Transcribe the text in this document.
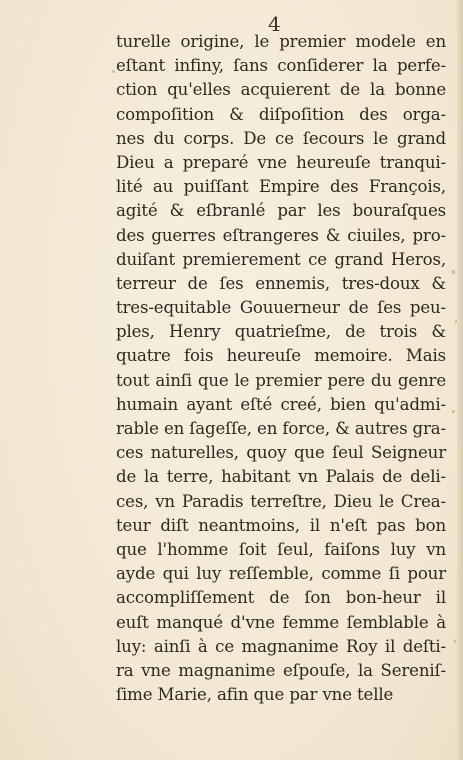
4
turelle origine, le premier modele en
eſtant infiny, ſans conſiderer la perfe-
ction qu'elles acquierent de la bonne
compoſition & diſpoſition des orga-
nes du corps. De ce ſecours le grand
Dieu a preparé vne heureuſe tranqui-
lité au puiſſant Empire des François,
agité & eſbranlé par les bouraſques
des guerres eſtrangeres & ciuiles, pro-
duiſant premierement ce grand Heros,
terreur de ſes ennemis, tres-doux &
tres-equitable Gouuerneur de ſes peu-
ples, Henry quatrieſme, de trois &
quatre fois heureuſe memoire. Mais
tout ainſi que le premier pere du genre
humain ayant eſté creé, bien qu'admi-
rable en ſageſſe, en force, & autres gra-
ces naturelles, quoy que ſeul Seigneur
de la terre, habitant vn Palais de deli-
ces, vn Paradis terreſtre, Dieu le Crea-
teur diſt neantmoins, il n'eſt pas bon
que l'homme ſoit ſeul, faiſons luy vn
ayde qui luy reſſemble, comme ſi pour
accompliſſement de ſon bon-heur il
euſt manqué d'vne femme ſemblable à
luy: ainſi à ce magnanime Roy il deſti-
ra vne magnanime eſpouſe, la Sereniſ-
ſime Marie, afin que par vne telle
